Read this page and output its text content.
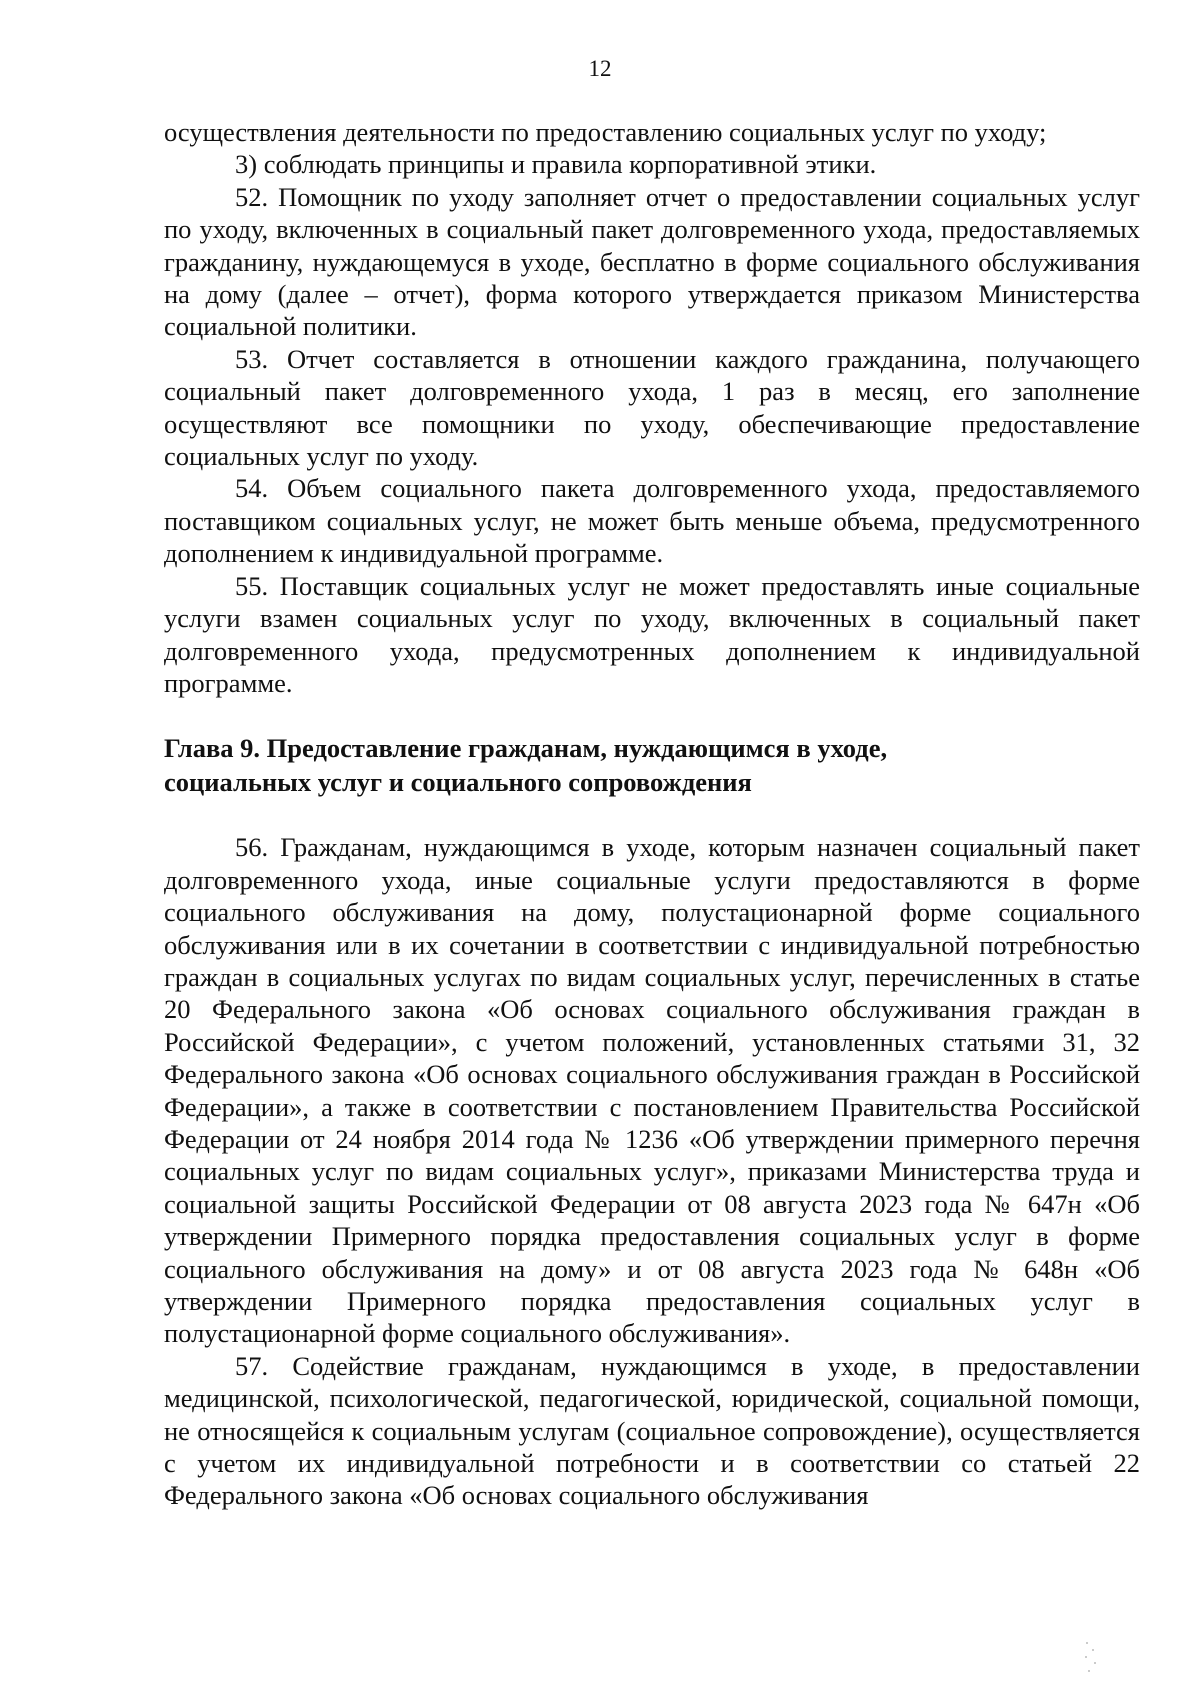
12

осуществления деятельности по предоставлению социальных услуг по уходу;

3) соблюдать принципы и правила корпоративной этики.

52. Помощник по уходу заполняет отчет о предоставлении социальных услуг по уходу, включенных в социальный пакет долговременного ухода, предоставляемых гражданину, нуждающемуся в уходе, бесплатно в форме социального обслуживания на дому (далее – отчет), форма которого утверждается приказом Министерства социальной политики.

53. Отчет составляется в отношении каждого гражданина, получающего социальный пакет долговременного ухода, 1 раз в месяц, его заполнение осуществляют все помощники по уходу, обеспечивающие предоставление социальных услуг по уходу.

54. Объем социального пакета долговременного ухода, предоставляемого поставщиком социальных услуг, не может быть меньше объема, предусмотренного дополнением к индивидуальной программе.

55. Поставщик социальных услуг не может предоставлять иные социальные услуги взамен социальных услуг по уходу, включенных в социальный пакет долговременного ухода, предусмотренных дополнением к индивидуальной программе.

Глава 9. Предоставление гражданам, нуждающимся в уходе,

социальных услуг и социального сопровождения

56. Гражданам, нуждающимся в уходе, которым назначен социальный пакет долговременного ухода, иные социальные услуги предоставляются в форме социального обслуживания на дому, полустационарной форме социального обслуживания или в их сочетании в соответствии с индивидуальной потребностью граждан в социальных услугах по видам социальных услуг, перечисленных в статье 20 Федерального закона «Об основах социального обслуживания граждан в Российской Федерации», с учетом положений, установленных статьями 31, 32 Федерального закона «Об основах социального обслуживания граждан в Российской Федерации», а также в соответствии с постановлением Правительства Российской Федерации от 24 ноября 2014 года № 1236 «Об утверждении примерного перечня социальных услуг по видам социальных услуг», приказами Министерства труда и социальной защиты Российской Федерации от 08 августа 2023 года № 647н «Об утверждении Примерного порядка предоставления социальных услуг в форме социального обслуживания на дому» и от 08 августа 2023 года № 648н «Об утверждении Примерного порядка предоставления социальных услуг в полустационарной форме социального обслуживания».

57. Содействие гражданам, нуждающимся в уходе, в предоставлении медицинской, психологической, педагогической, юридической, социальной помощи, не относящейся к социальным услугам (социальное сопровождение), осуществляется с учетом их индивидуальной потребности и в соответствии со статьей 22 Федерального закона «Об основах социального обслуживания
